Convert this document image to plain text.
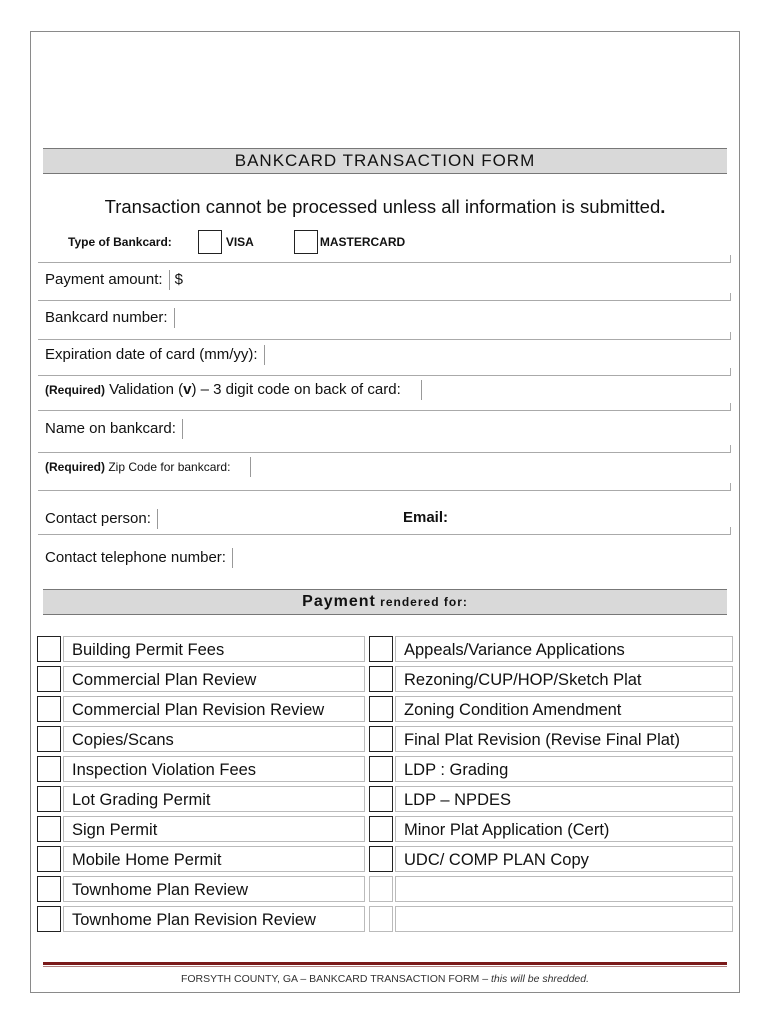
BANKCARD TRANSACTION FORM
Transaction cannot be processed unless all information is submitted.
Type of Bankcard:	VISA	MASTERCARD
Payment amount: $
Bankcard number:
Expiration date of card (mm/yy):
(Required) Validation (v) – 3 digit code on back of card:
Name on bankcard:
(Required) Zip Code for bankcard:
Contact person:	Email:
Contact telephone number:
Payment rendered for:
Building Permit Fees	Appeals/Variance Applications
Commercial Plan Review	Rezoning/CUP/HOP/Sketch Plat
Commercial Plan Revision Review	Zoning Condition Amendment
Copies/Scans	Final Plat Revision (Revise Final Plat)
Inspection Violation Fees	LDP : Grading
Lot Grading Permit	LDP – NPDES
Sign Permit	Minor Plat Application (Cert)
Mobile Home Permit	UDC/ COMP PLAN Copy
Townhome Plan Review
Townhome Plan Revision Review
FORSYTH COUNTY, GA – BANKCARD TRANSACTION FORM – this will be shredded.
